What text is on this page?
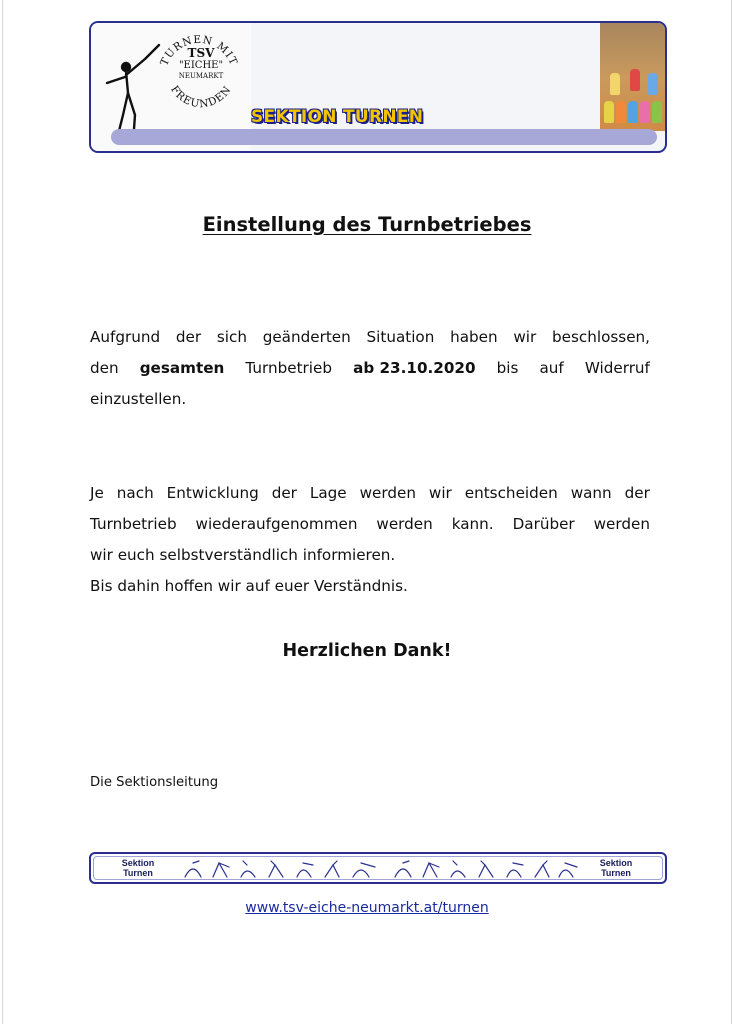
TURNEN MIT
FREUNDEN
TSV
"EICHE"
NEUMARKT
SEKTION TURNEN
Einstellung des Turnbetriebes
Aufgrund der sich geänderten Situation haben wir beschlossen,
den gesamten Turnbetrieb ab 23.10.2020 bis auf Widerruf
einzustellen.
Je nach Entwicklung der Lage werden wir entscheiden wann der
Turnbetrieb wiederaufgenommen werden kann. Darüber werden
wir euch selbstverständlich informieren.
Bis dahin hoffen wir auf euer Verständnis.
Herzlichen Dank!
Die Sektionsleitung
Sektion
Turnen
Sektion
Turnen
www.tsv-eiche-neumarkt.at/turnen
